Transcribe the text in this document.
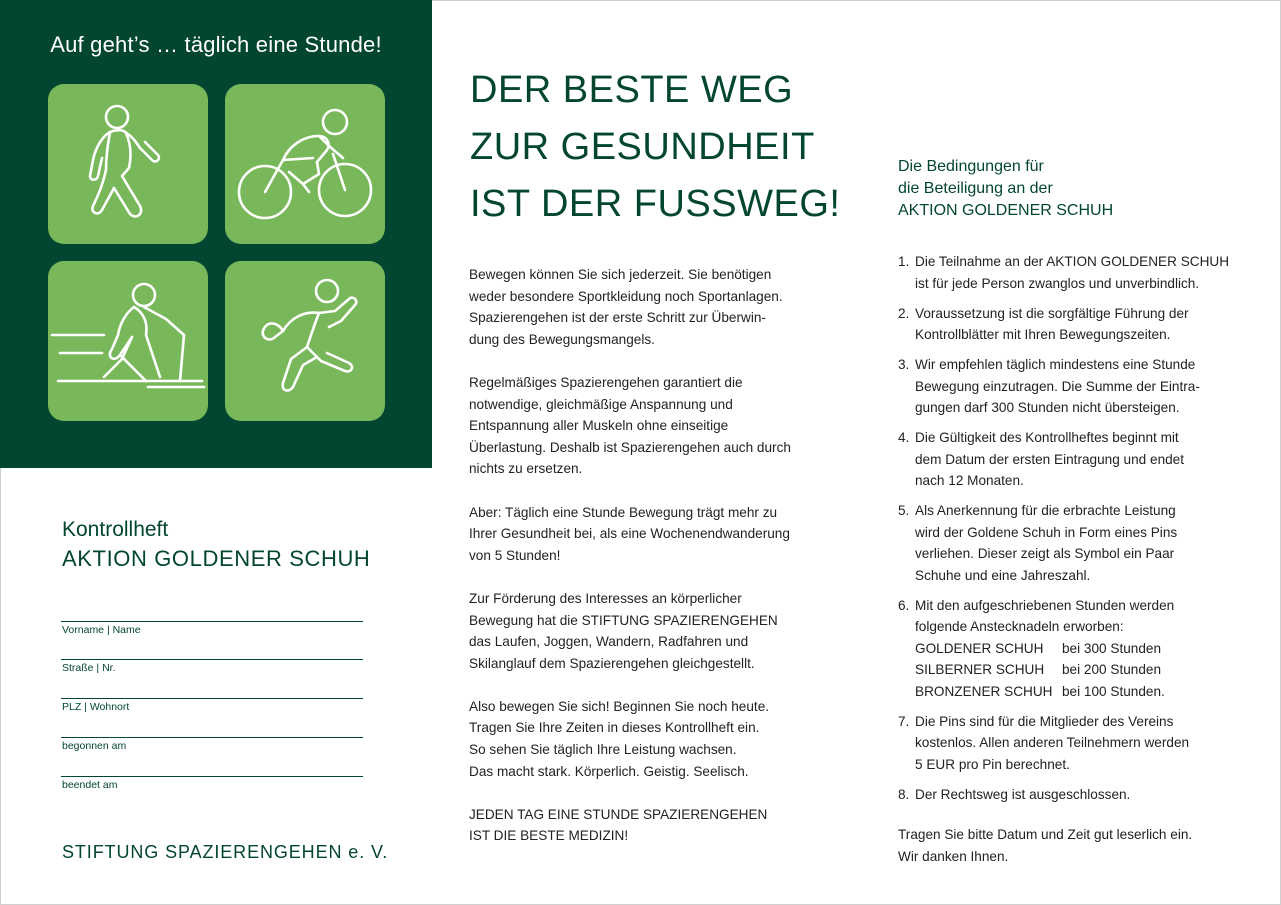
Auf geht’s … täglich eine Stunde!
Kontrollheft
AKTION GOLDENER SCHUH
Vorname | Name
Straße | Nr.
PLZ | Wohnort
begonnen am
beendet am
STIFTUNG SPAZIERENGEHEN e. V.
DER BESTE WEG
ZUR GESUNDHEIT
IST DER FUSSWEG!

Bewegen können Sie sich jederzeit. Sie benötigen
weder besondere Sportkleidung noch Sportanlagen.
Spazierengehen ist der erste Schritt zur Überwin-
dung des Bewegungsmangels.

Regelmäßiges Spazierengehen garantiert die
notwendige, gleichmäßige Anspannung und
Entspannung aller Muskeln ohne einseitige
Überlastung. Deshalb ist Spazierengehen auch durch
nichts zu ersetzen.

Aber: Täglich eine Stunde Bewegung trägt mehr zu
Ihrer Gesundheit bei, als eine Wochenendwanderung
von 5 Stunden!

Zur Förderung des Interesses an körperlicher
Bewegung hat die STIFTUNG SPAZIERENGEHEN
das Laufen, Joggen, Wandern, Radfahren und
Skilanglauf dem Spazierengehen gleichgestellt.

Also bewegen Sie sich! Beginnen Sie noch heute.
Tragen Sie Ihre Zeiten in dieses Kontrollheft ein.
So sehen Sie täglich Ihre Leistung wachsen.
Das macht stark. Körperlich. Geistig. Seelisch.

JEDEN TAG EINE STUNDE SPAZIERENGEHEN
IST DIE BESTE MEDIZIN!

Die Bedingungen für
die Beteiligung an der
AKTION GOLDENER SCHUH
1. Die Teilnahme an der AKTION GOLDENER SCHUH
ist für jede Person zwanglos und unverbindlich.
2. Voraussetzung ist die sorgfältige Führung der
Kontrollblätter mit Ihren Bewegungszeiten.
3. Wir empfehlen täglich mindestens eine Stunde
Bewegung einzutragen. Die Summe der Eintra-
gungen darf 300 Stunden nicht übersteigen.
4. Die Gültigkeit des Kontrollheftes beginnt mit
dem Datum der ersten Eintragung und endet
nach 12 Monaten.
5. Als Anerkennung für die erbrachte Leistung
wird der Goldene Schuh in Form eines Pins
verliehen. Dieser zeigt als Symbol ein Paar
Schuhe und eine Jahreszahl.
6. Mit den aufgeschriebenen Stunden werden
folgende Anstecknadeln erworben:
GOLDENER SCHUH	bei 300 Stunden
SILBERNER SCHUH	bei 200 Stunden
BRONZENER SCHUH bei 100 Stunden.
7. Die Pins sind für die Mitglieder des Vereins
kostenlos. Allen anderen Teilnehmern werden
5 EUR pro Pin berechnet.
8. Der Rechtsweg ist ausgeschlossen.
Tragen Sie bitte Datum und Zeit gut leserlich ein.
Wir danken Ihnen.
